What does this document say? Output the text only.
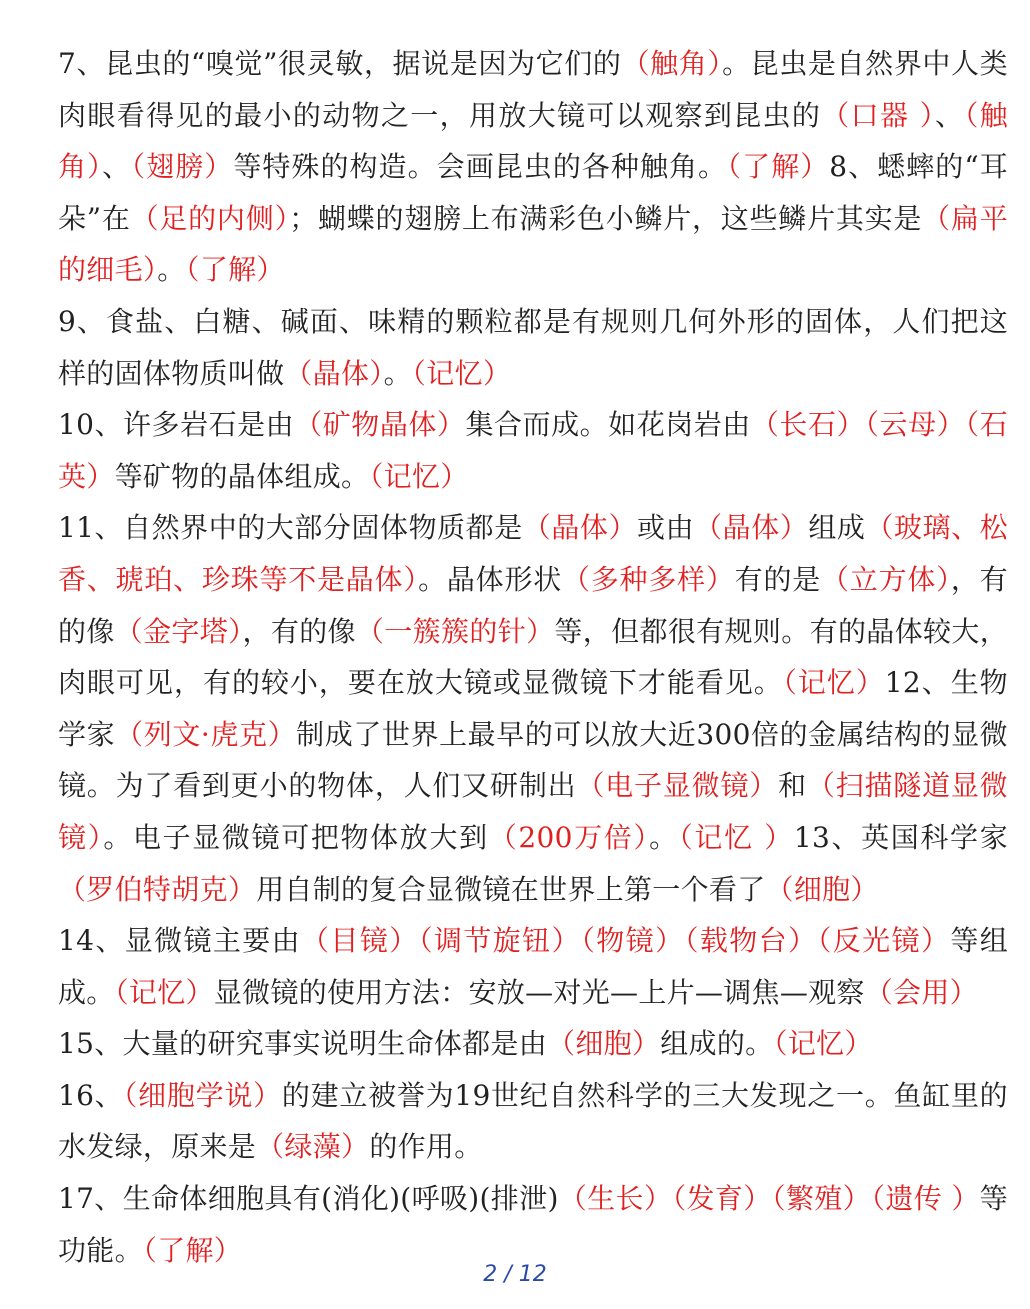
7、昆虫的“嗅觉”很灵敏，据说是因为它们的（触角）。昆虫是自然界中人类肉眼看得见的最小的动物之一，用放大镜可以观察到昆虫的（口器 ）、（触角）、（翅膀）等特殊的构造。会画昆虫的各种触角。（了解）8、蟋蟀的“耳朵”在（足的内侧）；蝴蝶的翅膀上布满彩色小鳞片，这些鳞片其实是（扁平的细毛）。（了解）

9、食盐、白糖、碱面、味精的颗粒都是有规则几何外形的固体，人们把这样的固体物质叫做（晶体）。（记忆）

10、许多岩石是由（矿物晶体）集合而成。如花岗岩由（长石）（云母）（石英）等矿物的晶体组成。（记忆）

11、自然界中的大部分固体物质都是（晶体）或由（晶体）组成（玻璃、松香、琥珀、珍珠等不是晶体）。晶体形状（多种多样）有的是（立方体），有的像（金字塔），有的像（一簇簇的针）等，但都很有规则。有的晶体较大，肉眼可见，有的较小，要在放大镜或显微镜下才能看见。（记忆）12、生物学家（列文·虎克）制成了世界上最早的可以放大近300倍的金属结构的显微镜。为了看到更小的物体，人们又研制出（电子显微镜）和（扫描隧道显微镜）。电子显微镜可把物体放大到（200万倍）。（记忆 ）13、英国科学家（罗伯特胡克）用自制的复合显微镜在世界上第一个看了（细胞）

14、显微镜主要由（目镜）（调节旋钮）（物镜）（载物台）（反光镜）等组成。（记忆）显微镜的使用方法：安放—对光—上片—调焦—观察（会用）

15、大量的研究事实说明生命体都是由（细胞）组成的。（记忆）

16、（细胞学说）的建立被誉为19世纪自然科学的三大发现之一。鱼缸里的水发绿，原来是（绿藻）的作用。

17、生命体细胞具有(消化)(呼吸)(排泄)（生长）（发育）（繁殖）（遗传 ）等功能。（了解）

2 / 12
